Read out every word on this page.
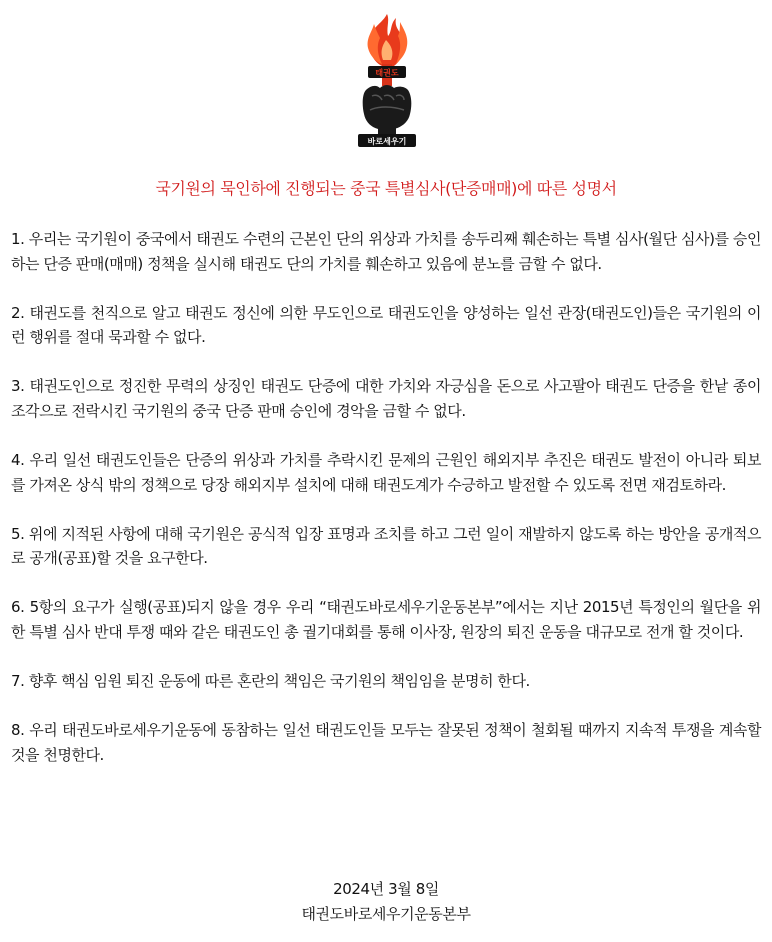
태권도
바로세우기
국기원의 묵인하에 진행되는 중국 특별심사(단증매매)에 따른 성명서

1. 우리는 국기원이 중국에서 태권도 수련의 근본인 단의 위상과 가치를 송두리째 훼손하는 특별 심사(월단 심사)를 승인하는 단증 판매(매매) 정책을 실시해 태권도 단의 가치를 훼손하고 있음에 분노를 금할 수 없다.

2. 태권도를 천직으로 알고 태권도 정신에 의한 무도인으로 태권도인을 양성하는 일선 관장(태권도인)들은 국기원의 이런 행위를 절대 묵과할 수 없다.

3. 태권도인으로 정진한 무력의 상징인 태권도 단증에 대한 가치와 자긍심을 돈으로 사고팔아 태권도 단증을 한낱 종이 조각으로 전락시킨 국기원의 중국 단증 판매 승인에 경악을 금할 수 없다.

4. 우리 일선 태권도인들은 단증의 위상과 가치를 추락시킨 문제의 근원인 해외지부 추진은 태권도 발전이 아니라 퇴보를 가져온 상식 밖의 정책으로 당장 해외지부 설치에 대해 태권도계가 수긍하고 발전할 수 있도록 전면 재검토하라.

5. 위에 지적된 사항에 대해 국기원은 공식적 입장 표명과 조치를 하고 그런 일이 재발하지 않도록 하는 방안을 공개적으로 공개(공표)할 것을 요구한다.

6. 5항의 요구가 실행(공표)되지 않을 경우 우리 “태권도바로세우기운동본부”에서는 지난 2015년 특정인의 월단을 위한 특별 심사 반대 투쟁 때와 같은 태권도인 총 궐기대회를 통해 이사장, 원장의 퇴진 운동을 대규모로 전개 할 것이다.

7. 향후 핵심 임원 퇴진 운동에 따른 혼란의 책임은 국기원의 책임임을 분명히 한다.

8. 우리 태권도바로세우기운동에 동참하는 일선 태권도인들 모두는 잘못된 정책이 철회될 때까지 지속적 투쟁을 계속할 것을 천명한다.

2024년 3월 8일
태권도바로세우기운동본부
